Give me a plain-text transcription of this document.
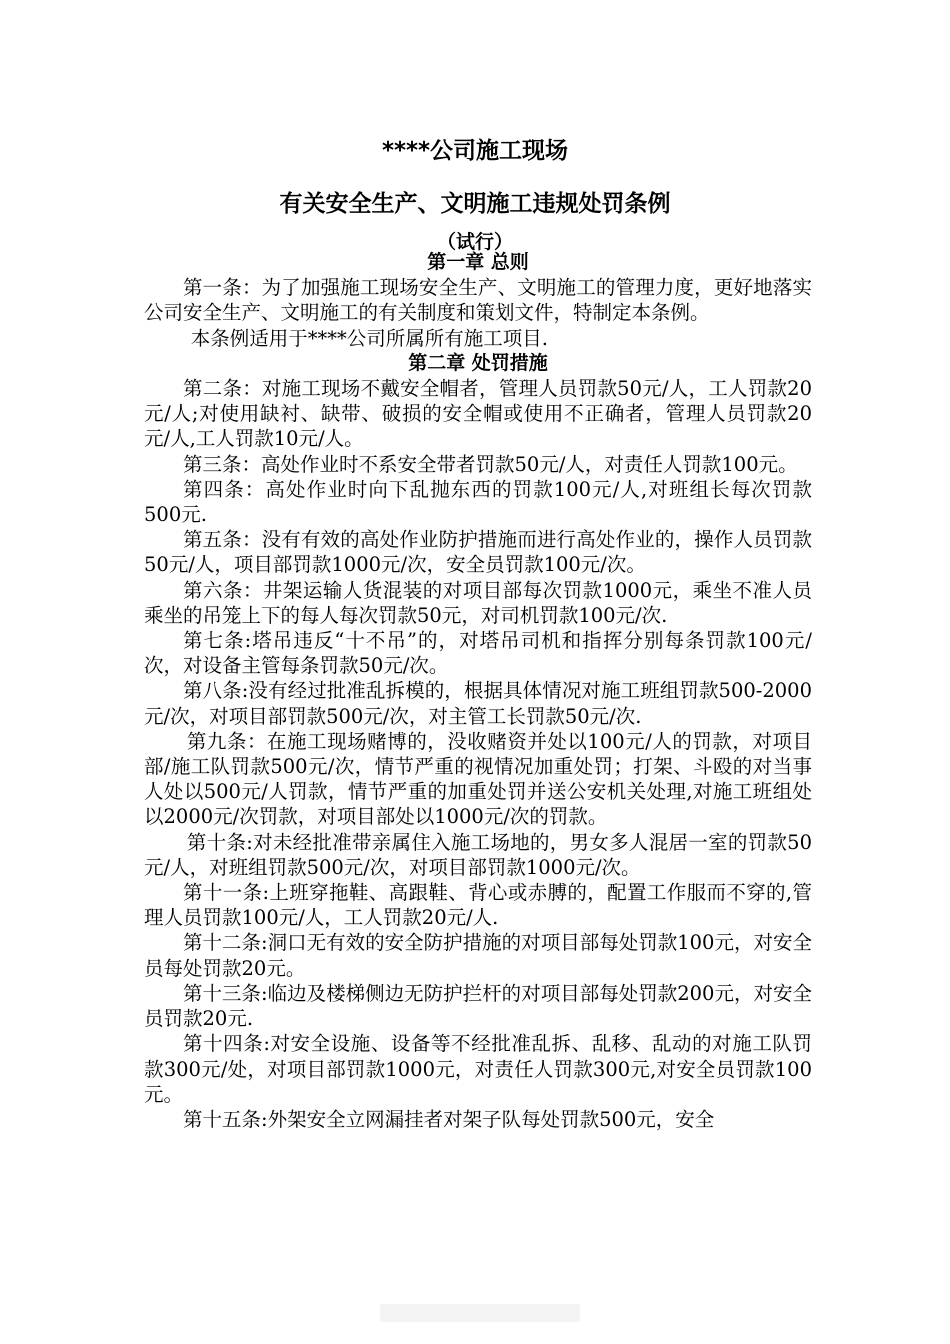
****公司施工现场
有关安全生产、文明施工违规处罚条例
（试行）
第一章 总则

第一条：为了加强施工现场安全生产、文明施工的管理力度，更好地落实公司安全生产、文明施工的有关制度和策划文件，特制定本条例。

本条例适用于****公司所属所有施工项目.

第二章 处罚措施

第二条：对施工现场不戴安全帽者，管理人员罚款50元/人，工人罚款20元/人;对使用缺衬、缺带、破损的安全帽或使用不正确者，管理人员罚款20元/人,工人罚款10元/人。

第三条：高处作业时不系安全带者罚款50元/人，对责任人罚款100元。

第四条：高处作业时向下乱抛东西的罚款100元/人,对班组长每次罚款500元.

第五条：没有有效的高处作业防护措施而进行高处作业的，操作人员罚款50元/人，项目部罚款1000元/次，安全员罚款100元/次。

第六条：井架运输人货混装的对项目部每次罚款1000元，乘坐不准人员乘坐的吊笼上下的每人每次罚款50元，对司机罚款100元/次.

第七条:塔吊违反“十不吊”的，对塔吊司机和指挥分别每条罚款100元/次，对设备主管每条罚款50元/次。

第八条:没有经过批准乱拆模的，根据具体情况对施工班组罚款500-2000元/次，对项目部罚款500元/次，对主管工长罚款50元/次.

第九条：在施工现场赌博的，没收赌资并处以100元/人的罚款，对项目部/施工队罚款500元/次，情节严重的视情况加重处罚；打架、斗殴的对当事人处以500元/人罚款，情节严重的加重处罚并送公安机关处理,对施工班组处以2000元/次罚款，对项目部处以1000元/次的罚款。

第十条:对未经批准带亲属住入施工场地的，男女多人混居一室的罚款50元/人，对班组罚款500元/次，对项目部罚款1000元/次。

第十一条:上班穿拖鞋、高跟鞋、背心或赤膊的，配置工作服而不穿的,管理人员罚款100元/人，工人罚款20元/人.

第十二条:洞口无有效的安全防护措施的对项目部每处罚款100元，对安全员每处罚款20元。

第十三条:临边及楼梯侧边无防护拦杆的对项目部每处罚款200元，对安全员罚款20元.

第十四条:对安全设施、设备等不经批准乱拆、乱移、乱动的对施工队罚款300元/处，对项目部罚款1000元，对责任人罚款300元,对安全员罚款100元。

第十五条:外架安全立网漏挂者对架子队每处罚款500元，安全
